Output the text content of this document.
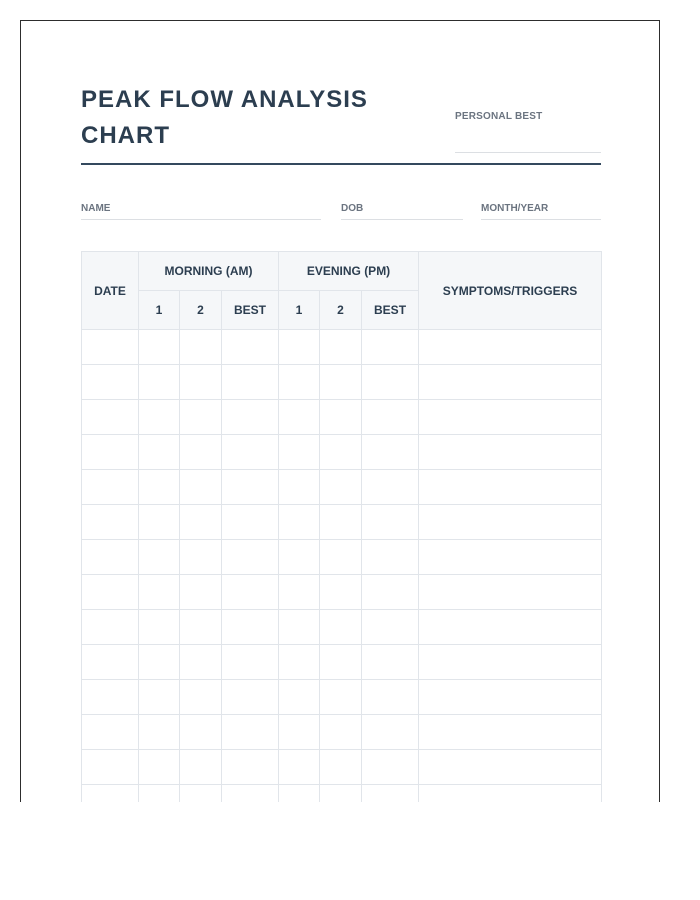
PEAK FLOW ANALYSIS CHART
PERSONAL BEST
NAME	DOB	MONTH/YEAR
DATE	MORNING (AM)			EVENING (PM)			SYMPTOMS/TRIGGERS
	1	2	BEST	1	2	BEST	
